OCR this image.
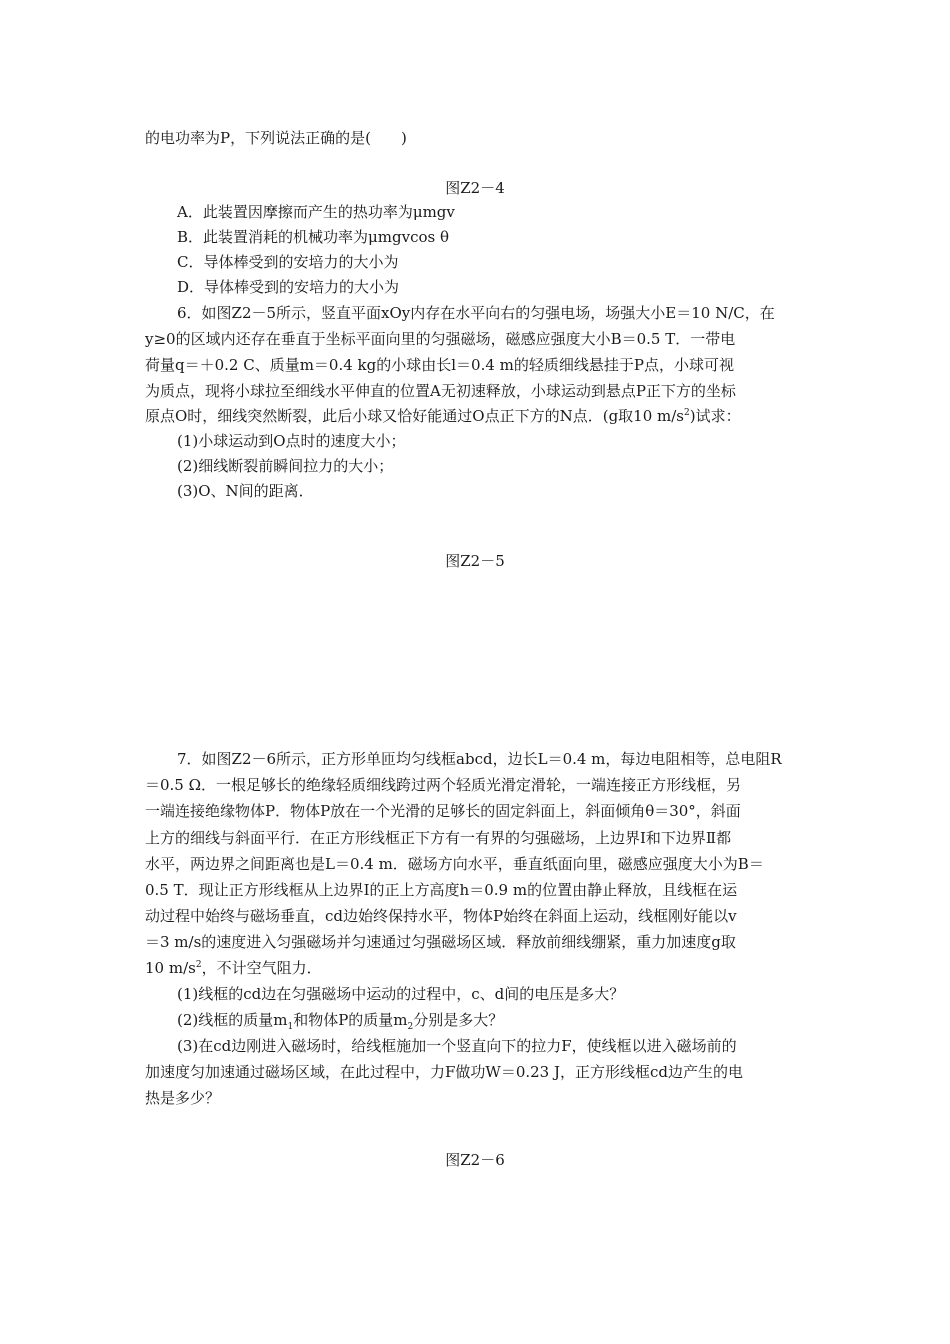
的电功率为P，下列说法正确的是(　　)
图Z2－4
A．此装置因摩擦而产生的热功率为μmgv
B．此装置消耗的机械功率为μmgvcos θ
C．导体棒受到的安培力的大小为
D．导体棒受到的安培力的大小为
6．如图Z2－5所示，竖直平面xOy内存在水平向右的匀强电场，场强大小E＝10 N/C，在
y≥0的区域内还存在垂直于坐标平面向里的匀强磁场，磁感应强度大小B＝0.5 T．一带电
荷量q＝＋0.2 C、质量m＝0.4 kg的小球由长l＝0.4 m的轻质细线悬挂于P点，小球可视
为质点，现将小球拉至细线水平伸直的位置A无初速释放，小球运动到悬点P正下方的坐标
原点O时，细线突然断裂，此后小球又恰好能通过O点正下方的N点．(g取10 $m/s^2$)试求：
(1)小球运动到O点时的速度大小；
(2)细线断裂前瞬间拉力的大小；
(3)O、N间的距离．
图Z2－5
7．如图Z2－6所示，正方形单匝均匀线框abcd，边长L＝0.4 m，每边电阻相等，总电阻R
＝0.5 Ω．一根足够长的绝缘轻质细线跨过两个轻质光滑定滑轮，一端连接正方形线框，另
一端连接绝缘物体P．物体P放在一个光滑的足够长的固定斜面上，斜面倾角θ＝30°，斜面
上方的细线与斜面平行．在正方形线框正下方有一有界的匀强磁场，上边界Ⅰ和下边界Ⅱ都
水平，两边界之间距离也是L＝0.4 m．磁场方向水平，垂直纸面向里，磁感应强度大小为B＝
0.5 T．现让正方形线框从上边界Ⅰ的正上方高度h＝0.9 m的位置由静止释放，且线框在运
动过程中始终与磁场垂直，cd边始终保持水平，物体P始终在斜面上运动，线框刚好能以v
＝3 m/s的速度进入匀强磁场并匀速通过匀强磁场区域．释放前细线绷紧，重力加速度g取
10 $m/s^2$，不计空气阻力．
(1)线框的cd边在匀强磁场中运动的过程中，c、d间的电压是多大？
(2)线框的质量$m_1$和物体P的质量$m_2$分别是多大？
(3)在cd边刚进入磁场时，给线框施加一个竖直向下的拉力F，使线框以进入磁场前的
加速度匀加速通过磁场区域，在此过程中，力F做功W＝0.23 J，正方形线框cd边产生的电
热是多少？
图Z2－6
